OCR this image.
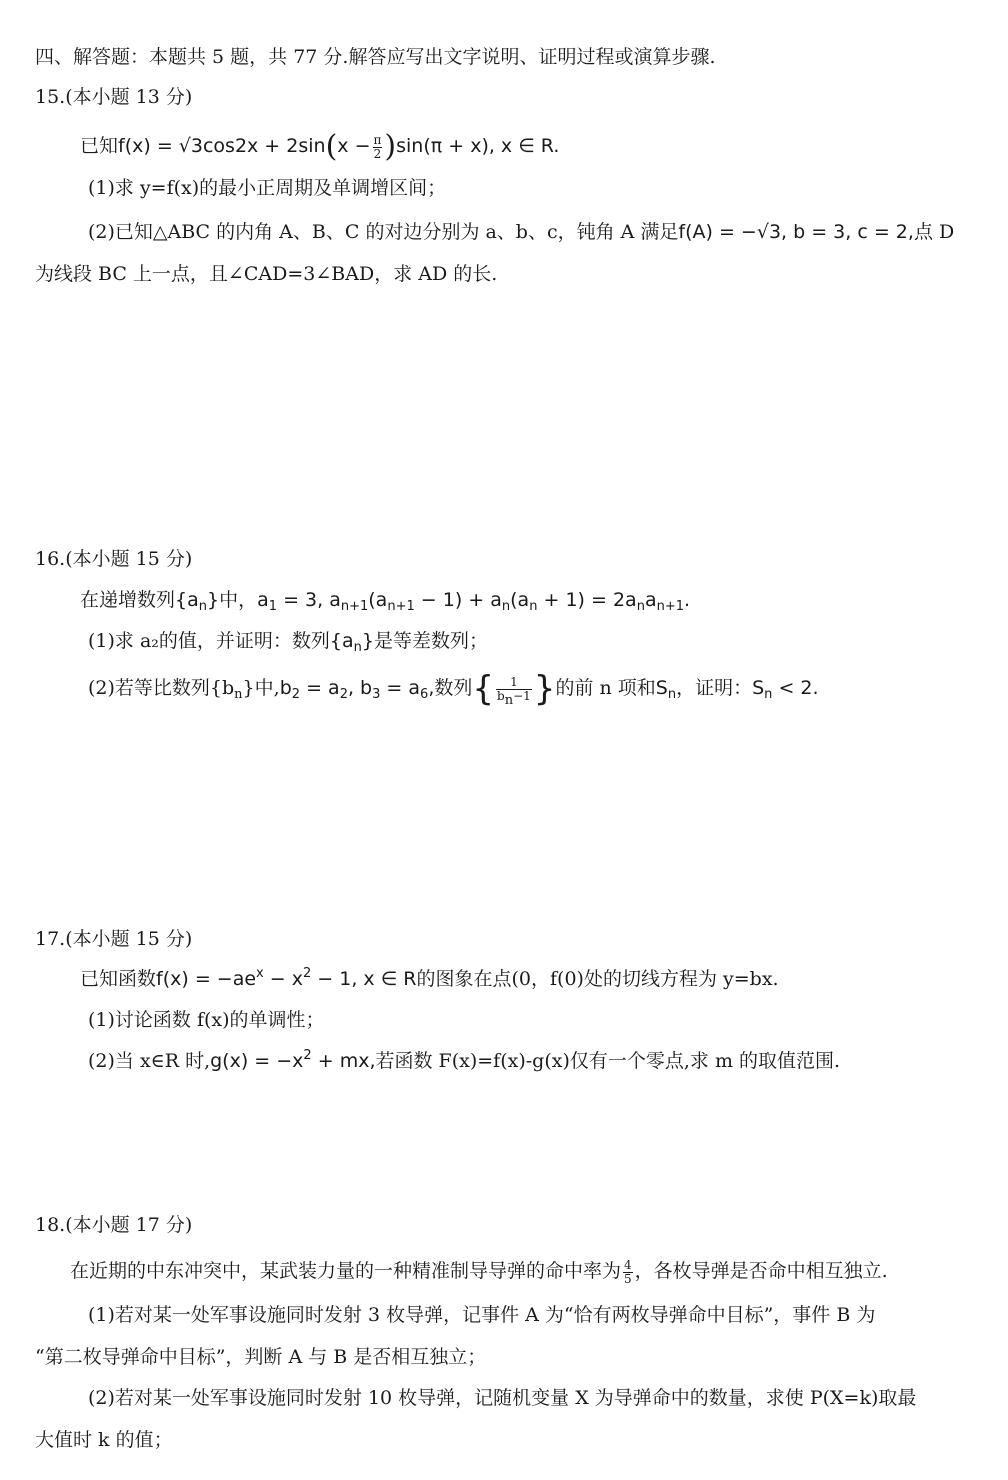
四、解答题：本题共 5 题，共 77 分.解答应写出文字说明、证明过程或演算步骤.
15.(本小题 13 分)
已知$f(x) = √3\cos 2x + 2\sin(x - \frac{\pi}{2} )\sin(\pi + x)$, x ∈ R.
(1)求 y=f(x)的最小正周期及单调增区间；
(2)已知△ABC 的内角 A、B、C 的对边分别为 a、b、c，钝角 A 满足f(A) = −√3, b = 3, c = 2,点 D
为线段 BC 上一点，且∠CAD=3∠BAD，求 AD 的长.
16.(本小题 15 分)
在递增数列$\{a_n\}$中，$a_1 = 3$, $a_{n+1}(a_{n+1} - 1) + a_n(a_n + 1) = 2a_na_{n+1}$.
(1)求 a₂的值，并证明：数列$\{a_n\}$是等差数列；
(2)若等比数列$\{b_n\}$中$,b_2 = a_2$, $b_3 = a_6$,数列{ $\frac{1}{b_n-1}$ }的前 n 项和$S_n$，证明：$S_n < 2$.
17.(本小题 15 分)
已知函数$f(x) = -ae^x - x^2 - 1$, x ∈ R的图象在点(0，f(0)处的切线方程为 y=bx.
(1)讨论函数 f(x)的单调性；
(2)当 x∈R 时$,g(x) = -x^2$ + mx,若函数 F(x)=f(x)-g(x)仅有一个零点,求 m 的取值范围.
18.(本小题 17 分)
在近期的中东冲突中，某武装力量的一种精准制导导弹的命中率为 $\frac{4}{5}$ ，各枚导弹是否命中相互独立.
(1)若对某一处军事设施同时发射 3 枚导弹，记事件 A 为“恰有两枚导弹命中目标”，事件 B 为
“第二枚导弹命中目标”，判断 A 与 B 是否相互独立；
(2)若对某一处军事设施同时发射 10 枚导弹，记随机变量 X 为导弹命中的数量，求使 P(X=k)取最
大值时 k 的值；
